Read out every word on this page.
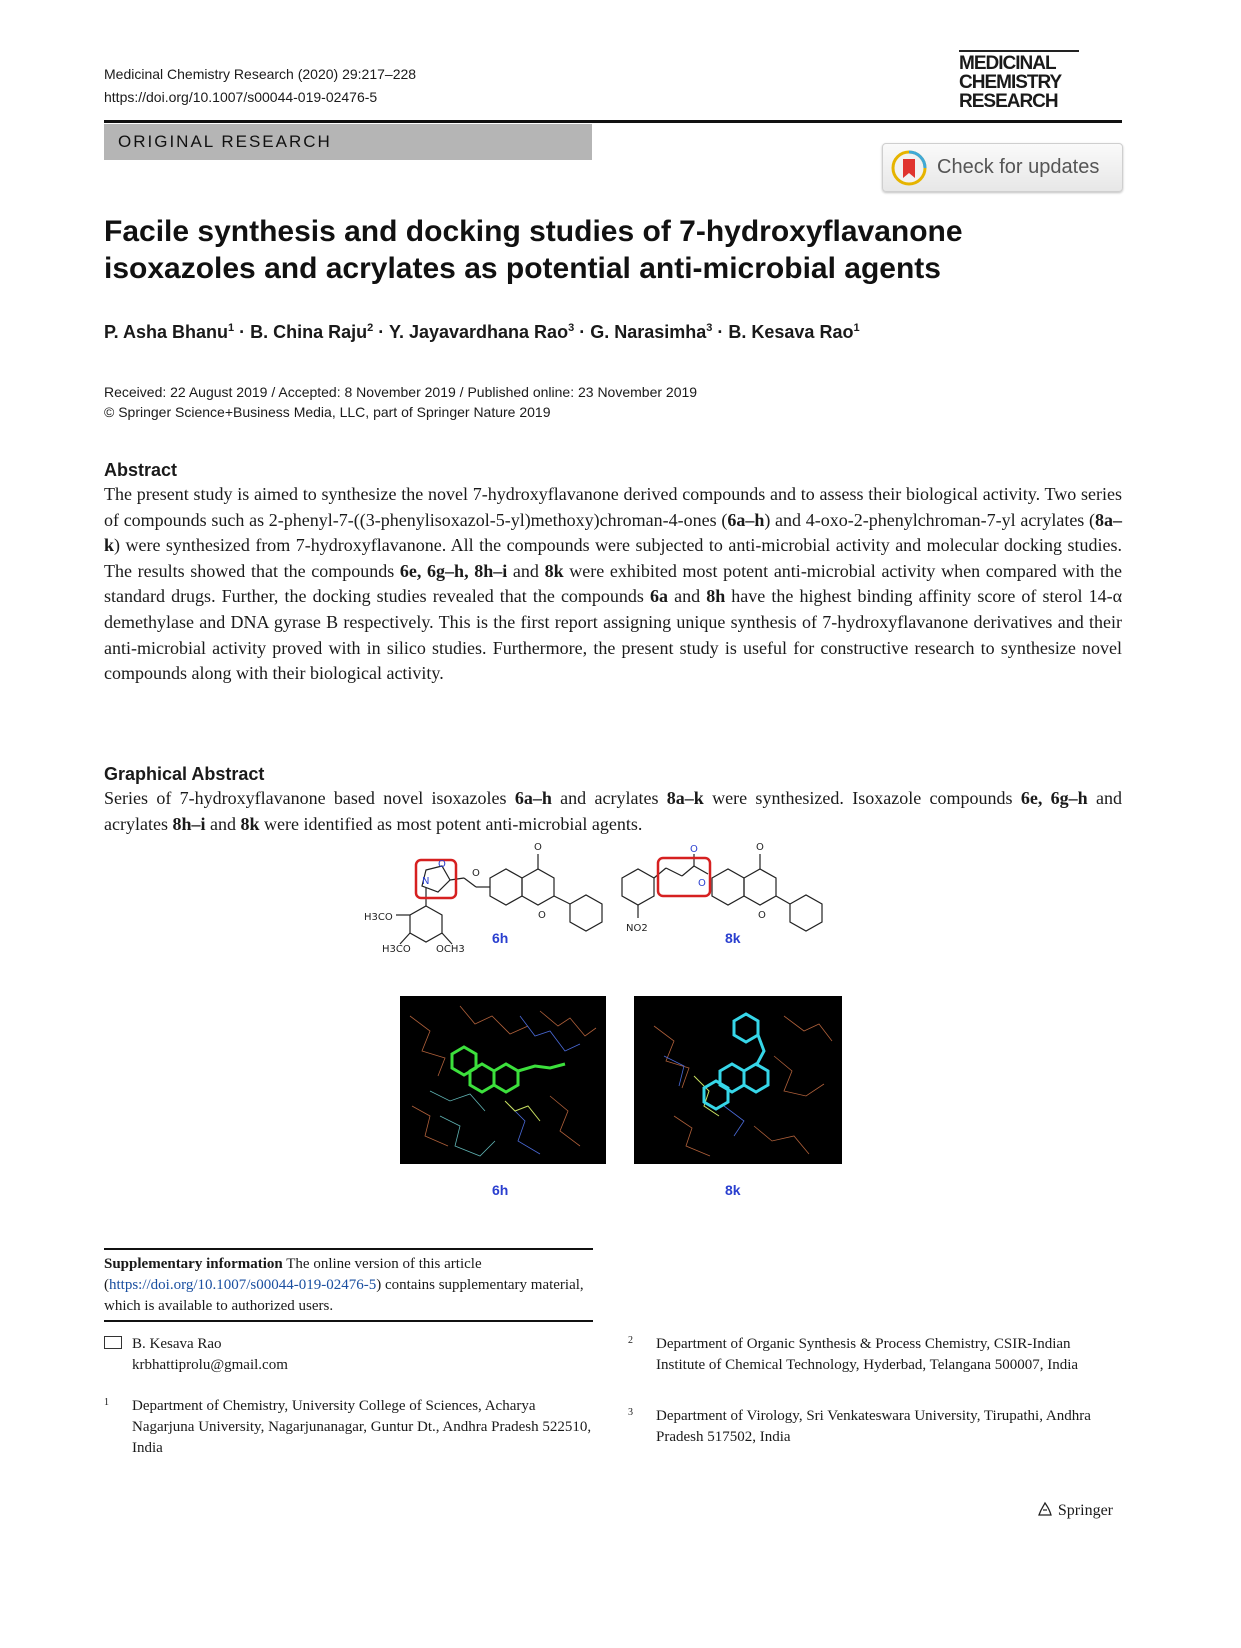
Medicinal Chemistry Research (2020) 29:217–228
https://doi.org/10.1007/s00044-019-02476-5
MEDICINAL
CHEMISTRY
RESEARCH
ORIGINAL RESEARCH
Check for updates
Facile synthesis and docking studies of 7-hydroxyflavanone isoxazoles and acrylates as potential anti-microbial agents
P. Asha Bhanu$^1$ · B. China Raju$^2$ · Y. Jayavardhana Rao$^3$ · G. Narasimha$^3$ · B. Kesava Rao$^1$
Received: 22 August 2019 / Accepted: 8 November 2019 / Published online: 23 November 2019
© Springer Science+Business Media, LLC, part of Springer Nature 2019
Abstract
The present study is aimed to synthesize the novel 7-hydroxyflavanone derived compounds and to assess their biological activity. Two series of compounds such as 2-phenyl-7-((3-phenylisoxazol-5-yl)methoxy)chroman-4-ones (6a–h) and 4-oxo-2-phenylchroman-7-yl acrylates (8a–k) were synthesized from 7-hydroxyflavanone. All the compounds were subjected to anti-microbial activity and molecular docking studies. The results showed that the compounds 6e, 6g–h, 8h–i and 8k were exhibited most potent anti-microbial activity when compared with the standard drugs. Further, the docking studies revealed that the compounds 6a and 8h have the highest binding affinity score of sterol 14-α demethylase and DNA gyrase B respectively. This is the first report assigning unique synthesis of 7-hydroxyflavanone derivatives and their anti-microbial activity proved with in silico studies. Furthermore, the present study is useful for constructive research to synthesize novel compounds along with their biological activity.
Graphical Abstract
Series of 7-hydroxyflavanone based novel isoxazoles 6a–h and acrylates 8a–k were synthesized. Isoxazole compounds 6e, 6g–h and acrylates 8h–i and 8k were identified as most potent anti-microbial agents.
O
O
O
O
O
H3CO
H3CO	OCH3
NO2
O
N
O
O
6h	8k
6h	8k
Supplementary information The online version of this article (https://doi.org/10.1007/s00044-019-02476-5) contains supplementary material, which is available to authorized users.
B. Kesava Rao
krbhattiprolu@gmail.com
1	Department of Chemistry, University College of Sciences, Acharya Nagarjuna University, Nagarjunanagar, Guntur Dt., Andhra Pradesh 522510, India
2	Department of Organic Synthesis & Process Chemistry, CSIR-Indian Institute of Chemical Technology, Hyderbad, Telangana 500007, India
3	Department of Virology, Sri Venkateswara University, Tirupathi, Andhra Pradesh 517502, India
Springer
